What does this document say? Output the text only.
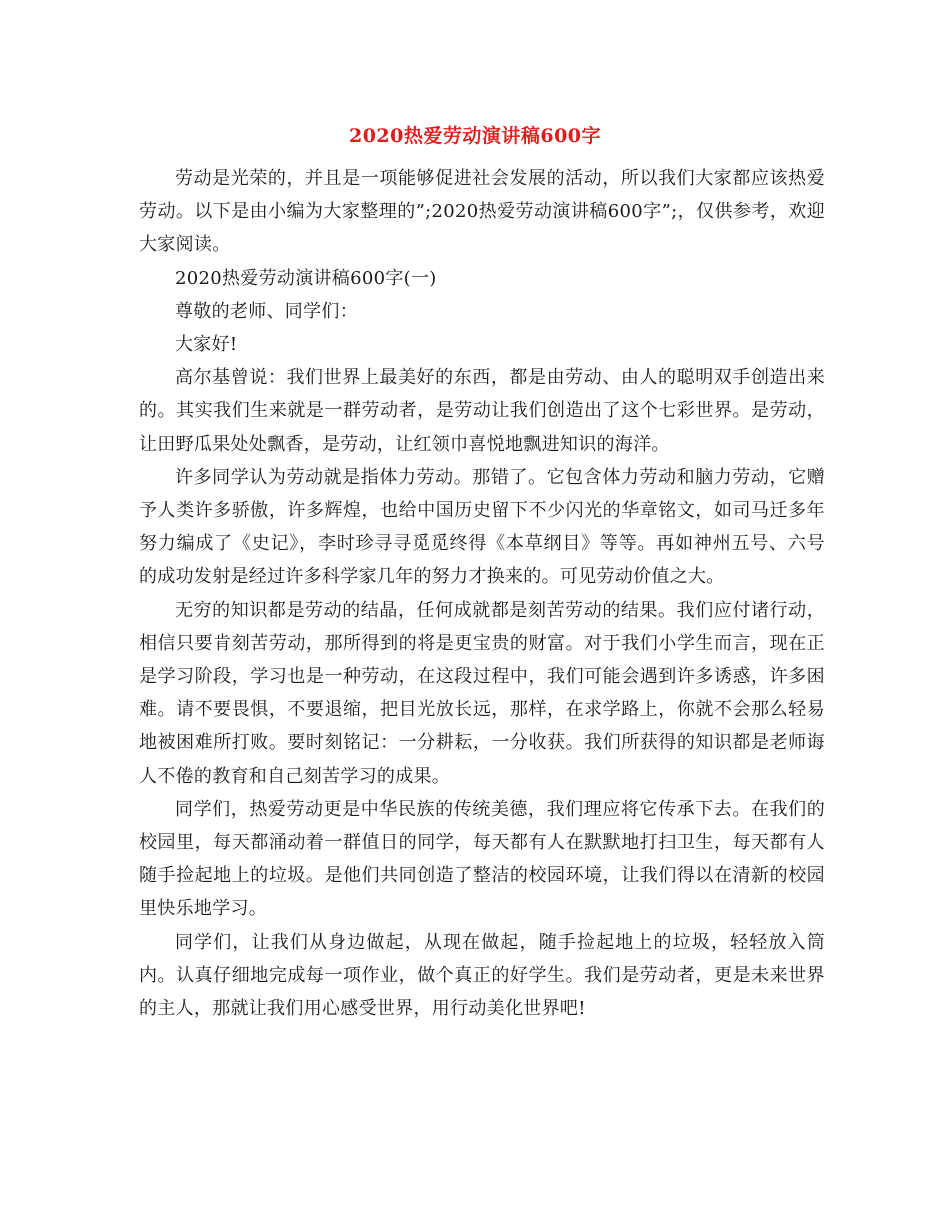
2020热爱劳动演讲稿600字

劳动是光荣的，并且是一项能够促进社会发展的活动，所以我们大家都应该热爱劳动。以下是由小编为大家整理的”;2020热爱劳动演讲稿600字”;，仅供参考，欢迎大家阅读。

2020热爱劳动演讲稿600字(一)

尊敬的老师、同学们：

大家好!

高尔基曾说：我们世界上最美好的东西，都是由劳动、由人的聪明双手创造出来的。其实我们生来就是一群劳动者，是劳动让我们创造出了这个七彩世界。是劳动，让田野瓜果处处飘香，是劳动，让红领巾喜悦地飘进知识的海洋。

许多同学认为劳动就是指体力劳动。那错了。它包含体力劳动和脑力劳动，它赠予人类许多骄傲，许多辉煌，也给中国历史留下不少闪光的华章铭文，如司马迁多年努力编成了《史记》，李时珍寻寻觅觅终得《本草纲目》等等。再如神州五号、六号的成功发射是经过许多科学家几年的努力才换来的。可见劳动价值之大。

无穷的知识都是劳动的结晶，任何成就都是刻苦劳动的结果。我们应付诸行动，相信只要肯刻苦劳动，那所得到的将是更宝贵的财富。对于我们小学生而言，现在正是学习阶段，学习也是一种劳动，在这段过程中，我们可能会遇到许多诱惑，许多困难。请不要畏惧，不要退缩，把目光放长远，那样，在求学路上，你就不会那么轻易地被困难所打败。要时刻铭记：一分耕耘，一分收获。我们所获得的知识都是老师诲人不倦的教育和自己刻苦学习的成果。

同学们，热爱劳动更是中华民族的传统美德，我们理应将它传承下去。在我们的校园里，每天都涌动着一群值日的同学，每天都有人在默默地打扫卫生，每天都有人随手捡起地上的垃圾。是他们共同创造了整洁的校园环境，让我们得以在清新的校园里快乐地学习。

同学们，让我们从身边做起，从现在做起，随手捡起地上的垃圾，轻轻放入筒内。认真仔细地完成每一项作业，做个真正的好学生。我们是劳动者，更是未来世界的主人，那就让我们用心感受世界，用行动美化世界吧!
